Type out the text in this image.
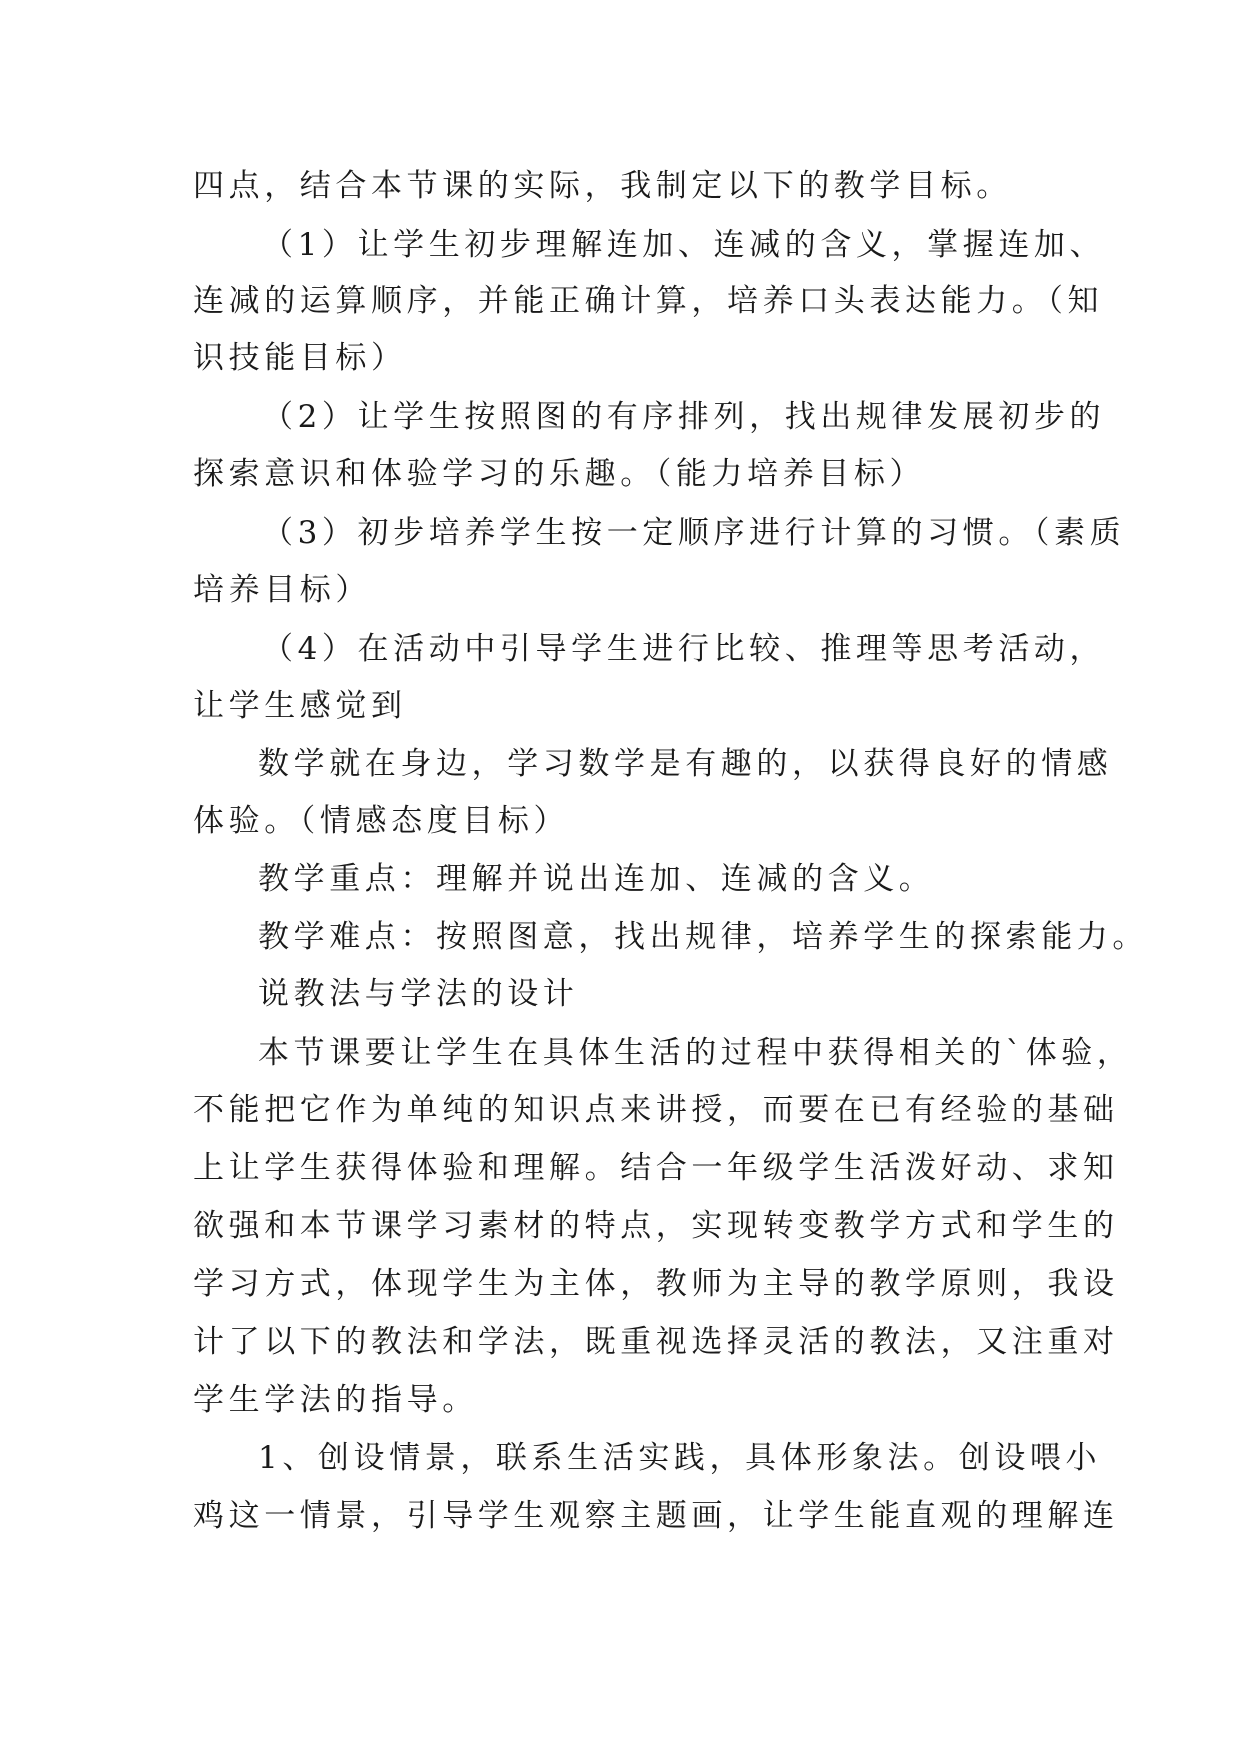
四点，结合本节课的实际，我制定以下的教学目标。
（1）让学生初步理解连加、连减的含义，掌握连加、
连减的运算顺序，并能正确计算，培养口头表达能力。（知
识技能目标）
（2）让学生按照图的有序排列，找出规律发展初步的
探索意识和体验学习的乐趣。（能力培养目标）
（3）初步培养学生按一定顺序进行计算的习惯。（素质
培养目标）
（4）在活动中引导学生进行比较、推理等思考活动，
让学生感觉到
数学就在身边，学习数学是有趣的，以获得良好的情感
体验。（情感态度目标）
教学重点：理解并说出连加、连减的含义。
教学难点：按照图意，找出规律，培养学生的探索能力。
说教法与学法的设计
本节课要让学生在具体生活的过程中获得相关的`体验，
不能把它作为单纯的知识点来讲授，而要在已有经验的基础
上让学生获得体验和理解。结合一年级学生活泼好动、求知
欲强和本节课学习素材的特点，实现转变教学方式和学生的
学习方式，体现学生为主体，教师为主导的教学原则，我设
计了以下的教法和学法，既重视选择灵活的教法，又注重对
学生学法的指导。
1、创设情景，联系生活实践，具体形象法。创设喂小
鸡这一情景，引导学生观察主题画，让学生能直观的理解连
